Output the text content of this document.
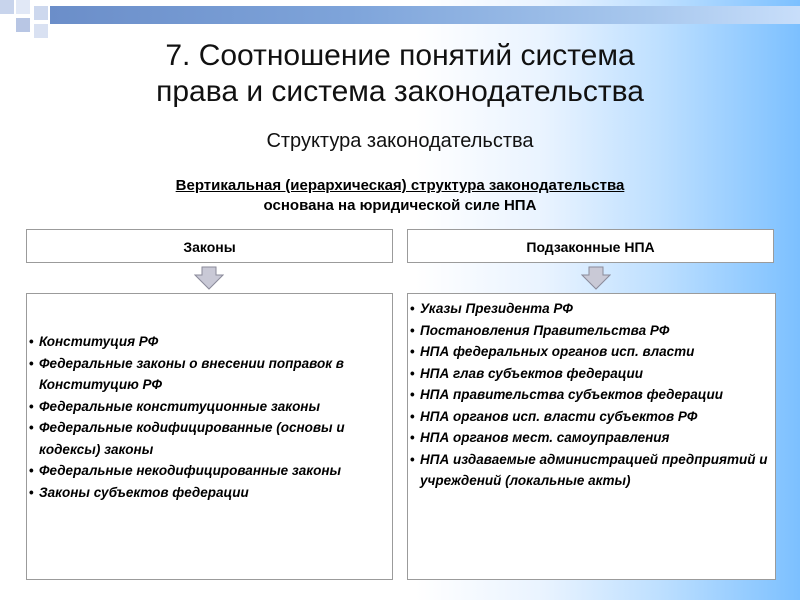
7. Соотношение понятий система
права и система законодательства
Структура законодательства
Вертикальная (иерархическая) структура законодательства
основана на юридической силе НПА
Законы	Подзаконные НПА
• Конституция РФ
• Федеральные законы о внесении поправок в Конституцию РФ
• Федеральные конституционные законы
• Федеральные кодифицированные (основы и кодексы) законы
• Федеральные некодифицированные законы
• Законы субъектов федерации
• Указы Президента РФ
• Постановления Правительства РФ
• НПА федеральных органов исп. власти
• НПА глав субъектов федерации
• НПА правительства субъектов федерации
• НПА органов исп. власти субъектов РФ
• НПА органов мест. самоуправления
• НПА издаваемые администрацией предприятий и учреждений (локальные акты)
